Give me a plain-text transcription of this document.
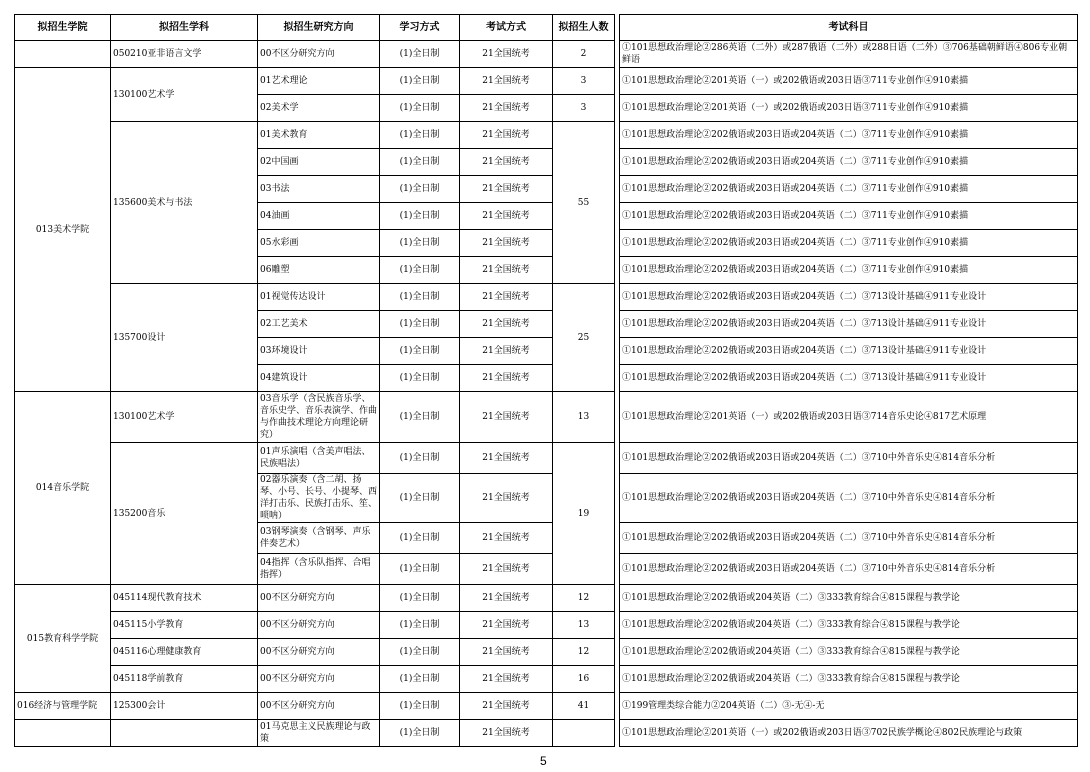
拟招生学院	拟招生学科	拟招生研究方向	学习方式	考试方式	拟招生人数		考试科目
	050210亚非语言文学	00不区分研究方向	(1)全日制	21全国统考	2		①101思想政治理论②286英语（二外）或287俄语（二外）或288日语（二外）③706基础朝鲜语④806专业朝鲜语
013美术学院	130100艺术学	01艺术理论	(1)全日制	21全国统考	3		①101思想政治理论②201英语（一）或202俄语或203日语③711专业创作④910素描
		02美术学	(1)全日制	21全国统考	3		①101思想政治理论②201英语（一）或202俄语或203日语③711专业创作④910素描
	135600美术与书法	01美术教育	(1)全日制	21全国统考	55		①101思想政治理论②202俄语或203日语或204英语（二）③711专业创作④910素描
		02中国画	(1)全日制	21全国统考			①101思想政治理论②202俄语或203日语或204英语（二）③711专业创作④910素描
		03书法	(1)全日制	21全国统考			①101思想政治理论②202俄语或203日语或204英语（二）③711专业创作④910素描
		04油画	(1)全日制	21全国统考			①101思想政治理论②202俄语或203日语或204英语（二）③711专业创作④910素描
		05水彩画	(1)全日制	21全国统考			①101思想政治理论②202俄语或203日语或204英语（二）③711专业创作④910素描
		06雕塑	(1)全日制	21全国统考			①101思想政治理论②202俄语或203日语或204英语（二）③711专业创作④910素描
	135700设计	01视觉传达设计	(1)全日制	21全国统考	25		①101思想政治理论②202俄语或203日语或204英语（二）③713设计基础④911专业设计
		02工艺美术	(1)全日制	21全国统考			①101思想政治理论②202俄语或203日语或204英语（二）③713设计基础④911专业设计
		03环境设计	(1)全日制	21全国统考			①101思想政治理论②202俄语或203日语或204英语（二）③713设计基础④911专业设计
		04建筑设计	(1)全日制	21全国统考			①101思想政治理论②202俄语或203日语或204英语（二）③713设计基础④911专业设计
014音乐学院	130100艺术学	03音乐学（含民族音乐学、音乐史学、音乐表演学、作曲与作曲技术理论方向理论研究）	(1)全日制	21全国统考	13		①101思想政治理论②201英语（一）或202俄语或203日语③714音乐史论④817艺术原理
	135200音乐	01声乐演唱（含美声唱法、民族唱法）	(1)全日制	21全国统考	19		①101思想政治理论②202俄语或203日语或204英语（二）③710中外音乐史④814音乐分析
		02器乐演奏（含二胡、扬琴、小号、长号、小提琴、西洋打击乐、民族打击乐、笙、唢呐）	(1)全日制	21全国统考			①101思想政治理论②202俄语或203日语或204英语（二）③710中外音乐史④814音乐分析
		03钢琴演奏（含钢琴、声乐伴奏艺术）	(1)全日制	21全国统考			①101思想政治理论②202俄语或203日语或204英语（二）③710中外音乐史④814音乐分析
		04指挥（含乐队指挥、合唱指挥）	(1)全日制	21全国统考			①101思想政治理论②202俄语或203日语或204英语（二）③710中外音乐史④814音乐分析
015教育科学学院	045114现代教育技术	00不区分研究方向	(1)全日制	21全国统考	12		①101思想政治理论②202俄语或204英语（二）③333教育综合④815课程与教学论
	045115小学教育	00不区分研究方向	(1)全日制	21全国统考	13		①101思想政治理论②202俄语或204英语（二）③333教育综合④815课程与教学论
	045116心理健康教育	00不区分研究方向	(1)全日制	21全国统考	12		①101思想政治理论②202俄语或204英语（二）③333教育综合④815课程与教学论
	045118学前教育	00不区分研究方向	(1)全日制	21全国统考	16		①101思想政治理论②202俄语或204英语（二）③333教育综合④815课程与教学论
016经济与管理学院	125300会计	00不区分研究方向	(1)全日制	21全国统考	41		①199管理类综合能力②204英语（二）③-无④-无
		01马克思主义民族理论与政策	(1)全日制	21全国统考			①101思想政治理论②201英语（一）或202俄语或203日语③702民族学概论④802民族理论与政策
5
